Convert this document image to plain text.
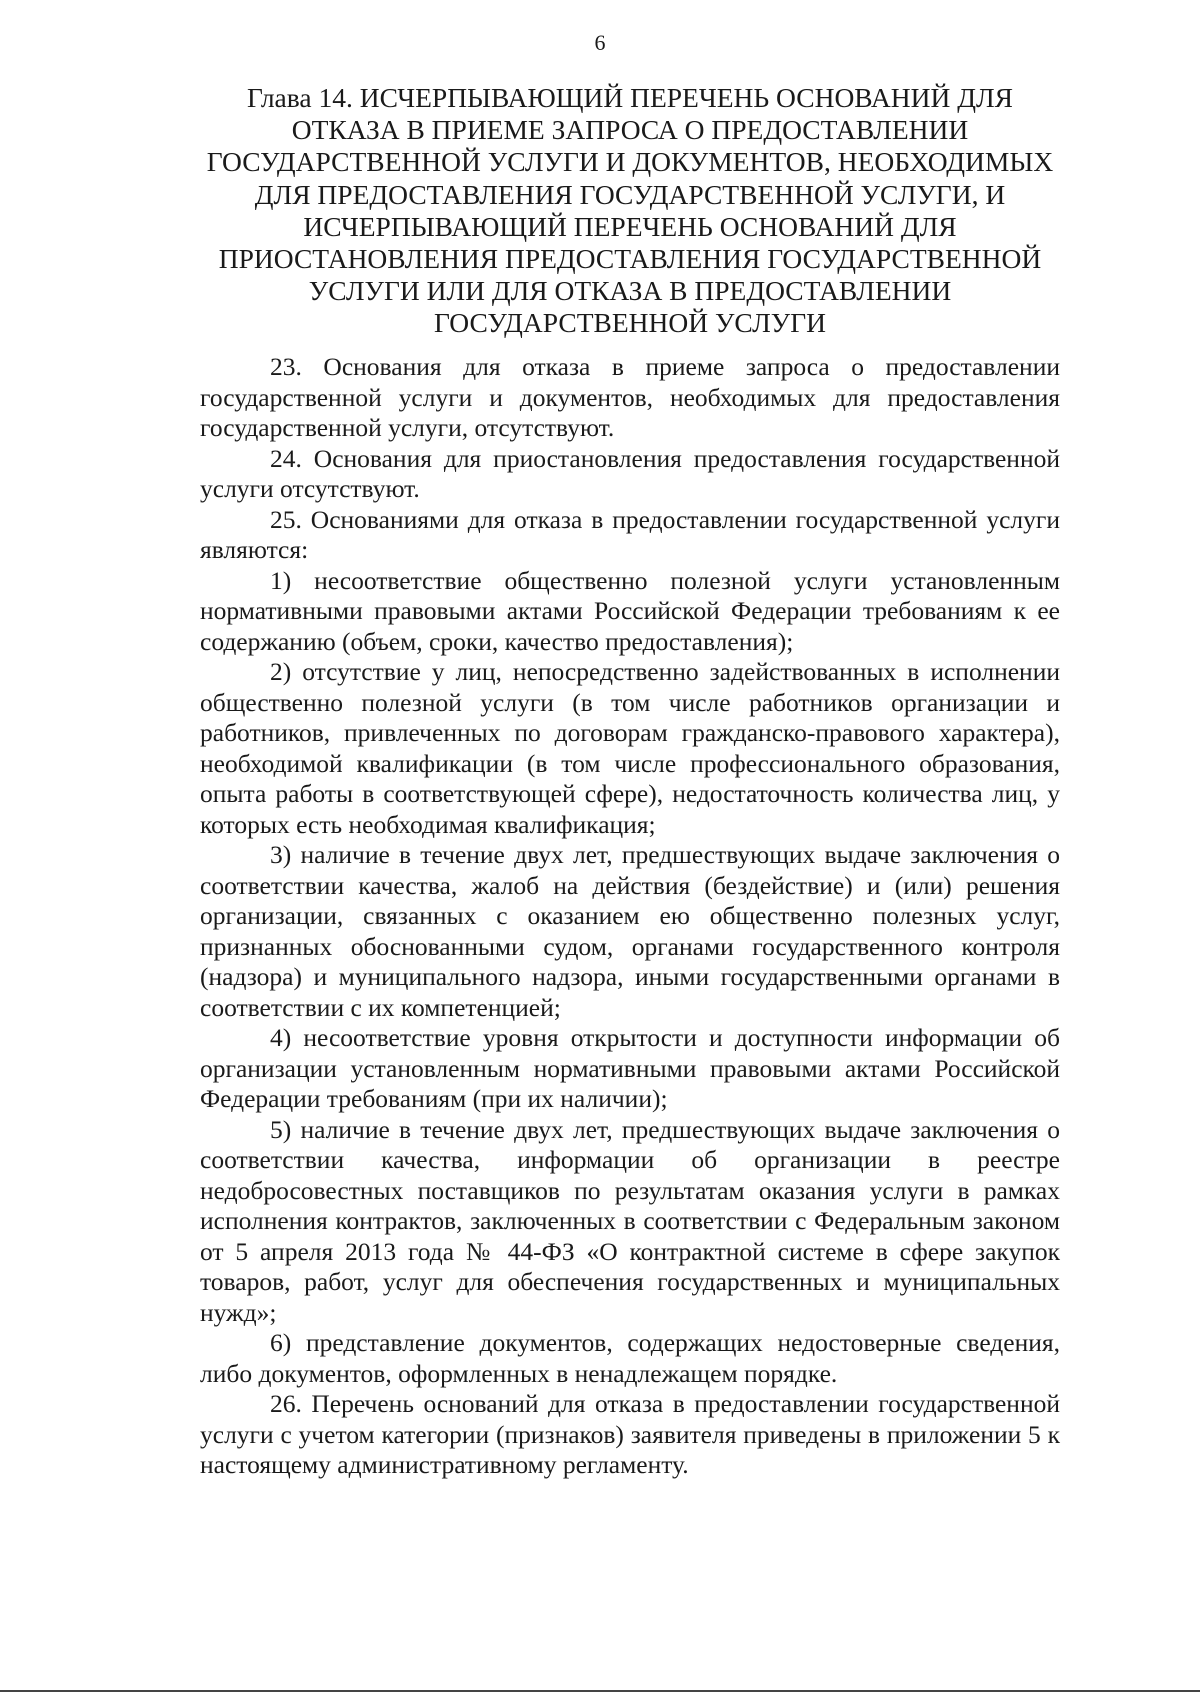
6
Глава 14. ИСЧЕРПЫВАЮЩИЙ ПЕРЕЧЕНЬ ОСНОВАНИЙ ДЛЯ ОТКАЗА В ПРИЕМЕ ЗАПРОСА О ПРЕДОСТАВЛЕНИИ ГОСУДАРСТВЕННОЙ УСЛУГИ И ДОКУМЕНТОВ, НЕОБХОДИМЫХ ДЛЯ ПРЕДОСТАВЛЕНИЯ ГОСУДАРСТВЕННОЙ УСЛУГИ, И ИСЧЕРПЫВАЮЩИЙ ПЕРЕЧЕНЬ ОСНОВАНИЙ ДЛЯ ПРИОСТАНОВЛЕНИЯ ПРЕДОСТАВЛЕНИЯ ГОСУДАРСТВЕННОЙ УСЛУГИ ИЛИ ДЛЯ ОТКАЗА В ПРЕДОСТАВЛЕНИИ ГОСУДАРСТВЕННОЙ УСЛУГИ

23. Основания для отказа в приеме запроса о предоставлении государственной услуги и документов, необходимых для предоставления государственной услуги, отсутствуют.

24. Основания для приостановления предоставления государственной услуги отсутствуют.

25. Основаниями для отказа в предоставлении государственной услуги являются:

1) несоответствие общественно полезной услуги установленным нормативными правовыми актами Российской Федерации требованиям к ее содержанию (объем, сроки, качество предоставления);

2) отсутствие у лиц, непосредственно задействованных в исполнении общественно полезной услуги (в том числе работников организации и работников, привлеченных по договорам гражданско-правового характера), необходимой квалификации (в том числе профессионального образования, опыта работы в соответствующей сфере), недостаточность количества лиц, у которых есть необходимая квалификация;

3) наличие в течение двух лет, предшествующих выдаче заключения о соответствии качества, жалоб на действия (бездействие) и (или) решения организации, связанных с оказанием ею общественно полезных услуг, признанных обоснованными судом, органами государственного контроля (надзора) и муниципального надзора, иными государственными органами в соответствии с их компетенцией;

4) несоответствие уровня открытости и доступности информации об организации установленным нормативными правовыми актами Российской Федерации требованиям (при их наличии);

5) наличие в течение двух лет, предшествующих выдаче заключения о соответствии качества, информации об организации в реестре недобросовестных поставщиков по результатам оказания услуги в рамках исполнения контрактов, заключенных в соответствии с Федеральным законом от 5 апреля 2013 года № 44-ФЗ «О контрактной системе в сфере закупок товаров, работ, услуг для обеспечения государственных и муниципальных нужд»;

6) представление документов, содержащих недостоверные сведения, либо документов, оформленных в ненадлежащем порядке.

26. Перечень оснований для отказа в предоставлении государственной услуги с учетом категории (признаков) заявителя приведены в приложении 5 к настоящему административному регламенту.
